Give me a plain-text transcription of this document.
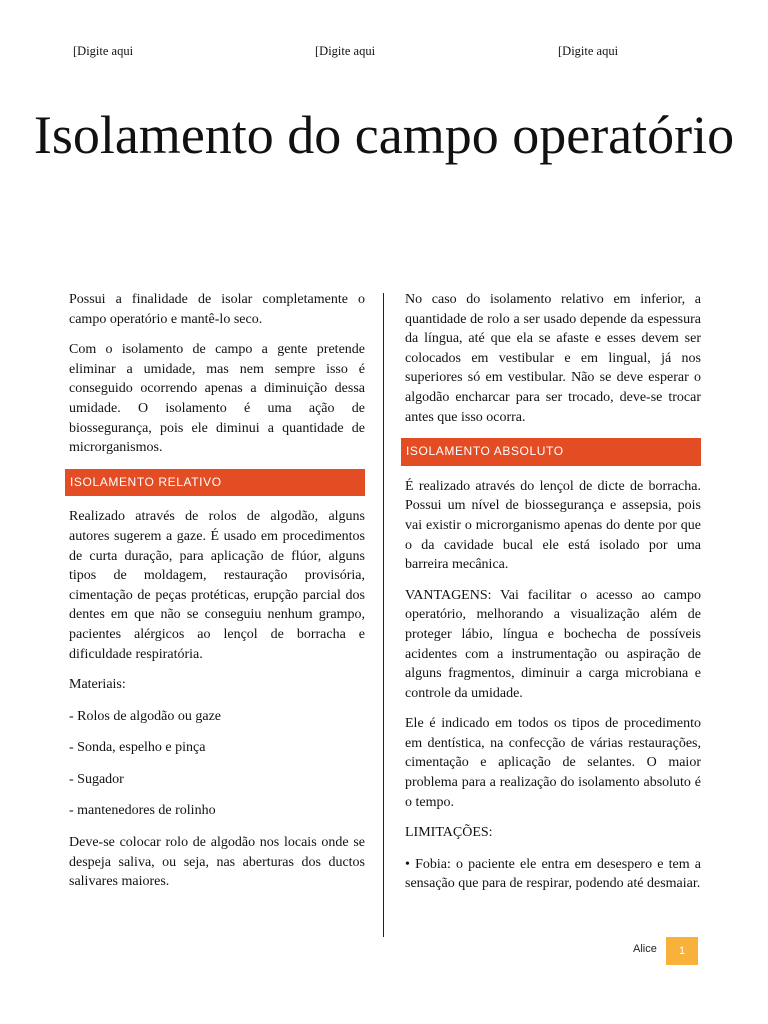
[Digite aqui	[Digite aqui	[Digite aqui
Isolamento do campo operatório

Possui a finalidade de isolar completamente o campo operatório e mantê-lo seco.

Com o isolamento de campo a gente pretende eliminar a umidade, mas nem sempre isso é conseguido ocorrendo apenas a diminuição dessa umidade. O isolamento é uma ação de biossegurança, pois ele diminui a quantidade de microrganismos.

ISOLAMENTO RELATIVO

Realizado através de rolos de algodão, alguns autores sugerem a gaze. É usado em procedimentos de curta duração, para aplicação de flúor, alguns tipos de moldagem, restauração provisória, cimentação de peças protéticas, erupção parcial dos dentes em que não se conseguiu nenhum grampo, pacientes alérgicos ao lençol de borracha e dificuldade respiratória.

Materiais:

- Rolos de algodão ou gaze

- Sonda, espelho e pinça

- Sugador

- mantenedores de rolinho

Deve-se colocar rolo de algodão nos locais onde se despeja saliva, ou seja, nas aberturas dos ductos salivares maiores.

No caso do isolamento relativo em inferior, a quantidade de rolo a ser usado depende da espessura da língua, até que ela se afaste e esses devem ser colocados em vestibular e em lingual, já nos superiores só em vestibular. Não se deve esperar o algodão encharcar para ser trocado, deve-se trocar antes que isso ocorra.

ISOLAMENTO ABSOLUTO

É realizado através do lençol de dicte de borracha. Possui um nível de biossegurança e assepsia, pois vai existir o microrganismo apenas do dente por que o da cavidade bucal ele está isolado por uma barreira mecânica.

VANTAGENS: Vai facilitar o acesso ao campo operatório, melhorando a visualização além de proteger lábio, língua e bochecha de possíveis acidentes com a instrumentação ou aspiração de alguns fragmentos, diminuir a carga microbiana e controle da umidade.

Ele é indicado em todos os tipos de procedimento em dentística, na confecção de várias restaurações, cimentação e aplicação de selantes. O maior problema para a realização do isolamento absoluto é o tempo.

LIMITAÇÕES:

• Fobia: o paciente ele entra em desespero e tem a sensação que para de respirar, podendo até desmaiar.

Alice	1
